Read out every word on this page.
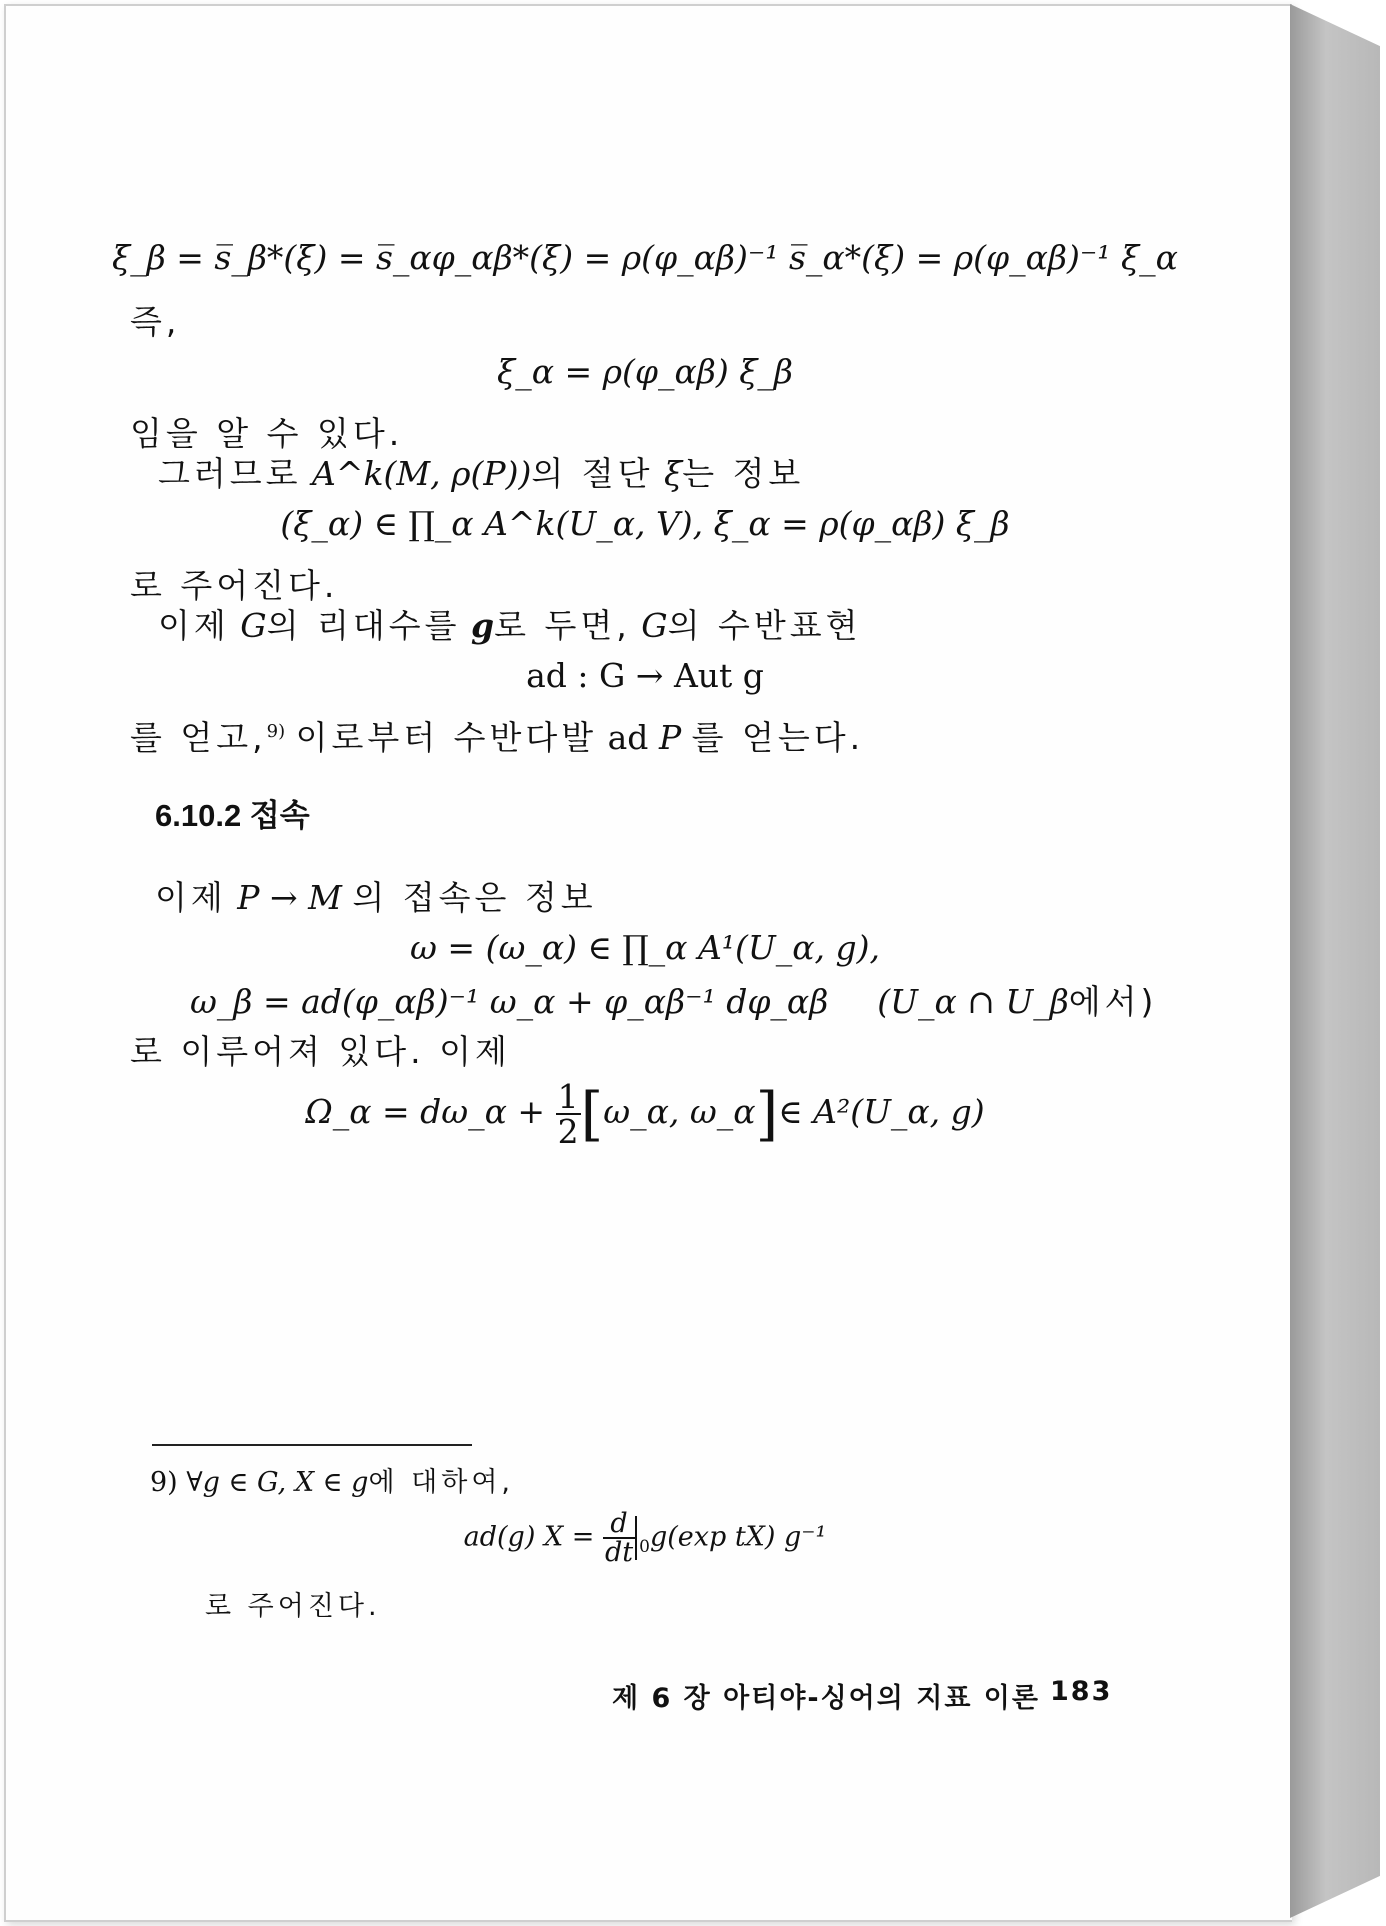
ξ_β = s̅_β*(ξ) = s̅_αφ_αβ*(ξ) = ρ(φ_αβ)⁻¹ s̅_α*(ξ) = ρ(φ_αβ)⁻¹ ξ_α
즉,
ξ_α = ρ(φ_αβ) ξ_β
임을 알 수 있다.
그러므로 A^k(M, ρ(P))의 절단 ξ는 정보
(ξ_α) ∈ ∏_α A^k(U_α, V), ξ_α = ρ(φ_αβ) ξ_β
로 주어진다.
이제 G의 리대수를 g로 두면, G의 수반표현
ad : G → Aut g
를 얻고,$^{9)}$ 이로부터 수반다발 ad P 를 얻는다.
6.10.2 접속
이제 P → M 의 접속은 정보
ω = (ω_α) ∈ ∏_α A¹(U_α, g),
ω_β = ad(φ_αβ)⁻¹ ω_α + φ_αβ⁻¹ dφ_αβ (U_α ∩ U_β에서)
로 이루어져 있다. 이제
Ω_α = dω_α + $\frac{1}{2}$ [ω_α, ω_α]∈ A²(U_α, g)
9) ∀g ∈ G, X ∈ g에 대하여,
ad(g) $X = \frac{d}{dt} _0g(\exp$ tX) g⁻¹
로 주어진다.
제 6 장 아티야-싱어의 지표 이론 183
